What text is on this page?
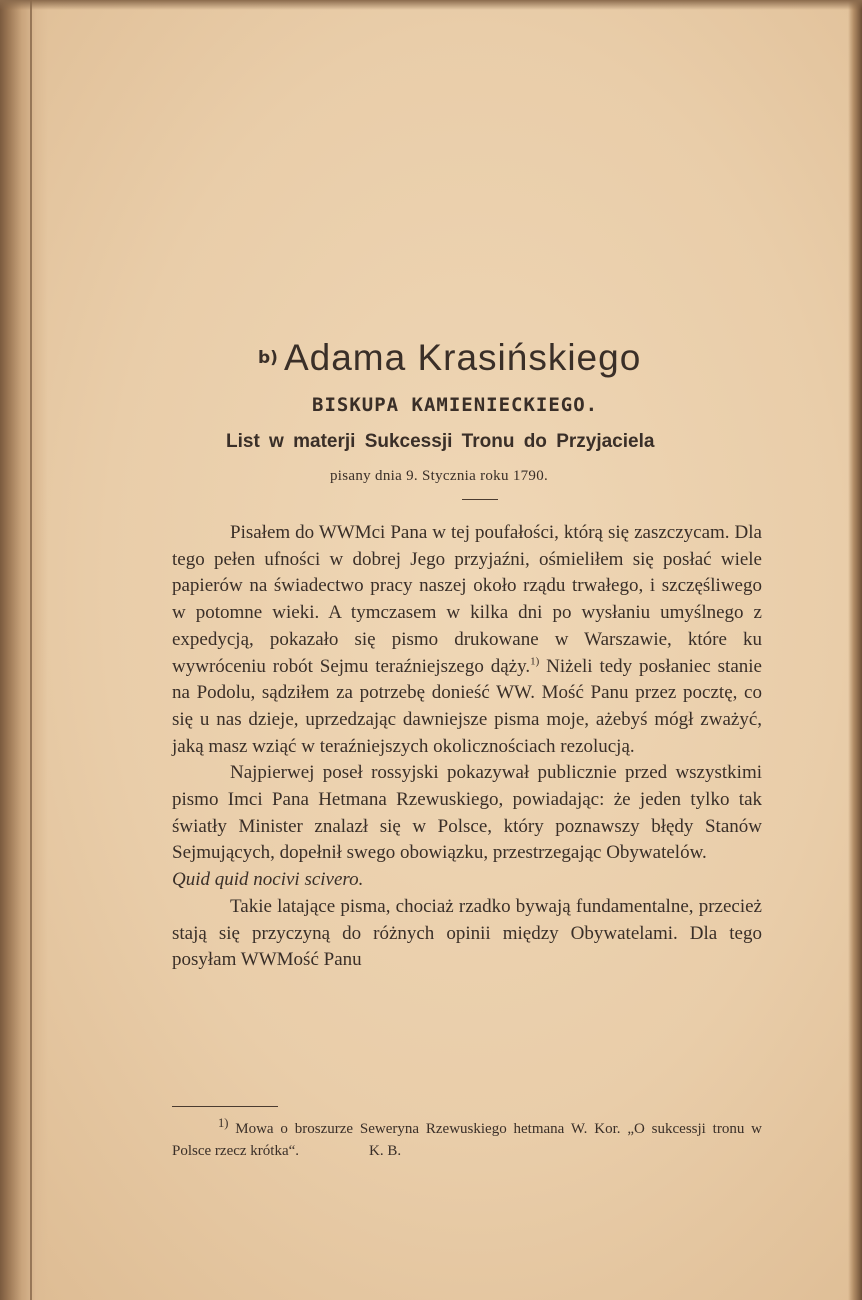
b) Adama Krasińskiego
BISKUPA KAMIENIECKIEGO.
List w materji Sukcessji Tronu do Przyjaciela
pisany dnia 9. Stycznia roku 1790.

Pisałem do WWMci Pana w tej poufałości, którą się zaszczycam. Dla tego pełen ufności w dobrej Jego przyjaźni, ośmieliłem się posłać wiele papierów na świadectwo pracy naszej około rządu trwałego, i szczęśliwego w potomne wieki. A tymczasem w kilka dni po wysłaniu umyślnego z expedycją, pokazało się pismo drukowane w Warszawie, które ku wywróceniu robót Sejmu teraźniejszego dąży.$^{1)}$ Niżeli tedy posłaniec stanie na Podolu, sądziłem za potrzebę donieść WW. Mość Panu przez pocztę, co się u nas dzieje, uprzedzając dawniejsze pisma moje, ażebyś mógł zważyć, jaką masz wziąć w teraźniejszych okolicznościach rezolucją.

Najpierwej poseł rossyjski pokazywał publicznie przed wszystkimi pismo Imci Pana Hetmana Rzewuskiego, powiadając: że jeden tylko tak światły Minister znalazł się w Polsce, który poznawszy błędy Stanów Sejmujących, dopełnił swego obowiązku, przestrzegając Obywatelów.
Quid quid nocivi scivero.

Takie latające pisma, chociaż rzadko bywają fundamentalne, przecież stają się przyczyną do różnych opinii między Obywatelami. Dla tego posyłam WWMość Panu

$^{1)}$ Mowa o broszurze Seweryna Rzewuskiego hetmana W. Kor. „O sukcessji tronu w Polsce rzecz krótka“.	K. B.
